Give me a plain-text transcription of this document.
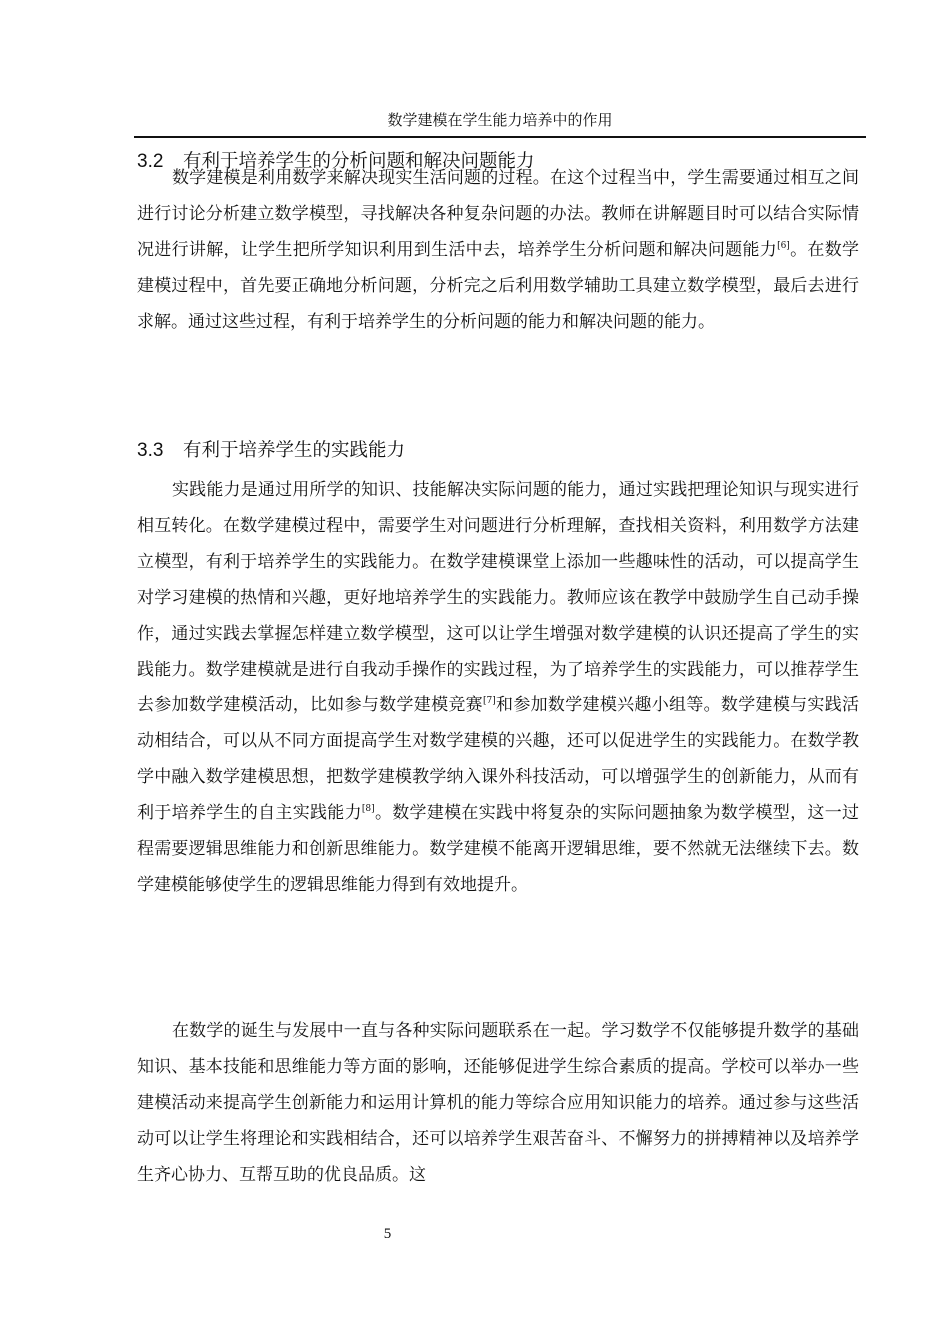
数学建模在学生能力培养中的作用
3.2 有利于培养学生的分析问题和解决问题能力

数学建模是利用数学来解决现实生活问题的过程。在这个过程当中，学生需要通过相互之间进行讨论分析建立数学模型，寻找解决各种复杂问题的办法。教师在讲解题目时可以结合实际情况进行讲解，让学生把所学知识利用到生活中去，培养学生分析问题和解决问题能力[6]。在数学建模过程中，首先要正确地分析问题，分析完之后利用数学辅助工具建立数学模型，最后去进行求解。通过这些过程，有利于培养学生的分析问题的能力和解决问题的能力。

3.3 有利于培养学生的实践能力

实践能力是通过用所学的知识、技能解决实际问题的能力，通过实践把理论知识与现实进行相互转化。在数学建模过程中，需要学生对问题进行分析理解，查找相关资料，利用数学方法建立模型，有利于培养学生的实践能力。在数学建模课堂上添加一些趣味性的活动，可以提高学生对学习建模的热情和兴趣，更好地培养学生的实践能力。教师应该在教学中鼓励学生自己动手操作，通过实践去掌握怎样建立数学模型，这可以让学生增强对数学建模的认识还提高了学生的实践能力。数学建模就是进行自我动手操作的实践过程，为了培养学生的实践能力，可以推荐学生去参加数学建模活动，比如参与数学建模竞赛[7]和参加数学建模兴趣小组等。数学建模与实践活动相结合，可以从不同方面提高学生对数学建模的兴趣，还可以促进学生的实践能力。在数学教学中融入数学建模思想，把数学建模教学纳入课外科技活动，可以增强学生的创新能力，从而有利于培养学生的自主实践能力[8]。数学建模在实践中将复杂的实际问题抽象为数学模型，这一过程需要逻辑思维能力和创新思维能力。数学建模不能离开逻辑思维，要不然就无法继续下去。数学建模能够使学生的逻辑思维能力得到有效地提升。

在数学的诞生与发展中一直与各种实际问题联系在一起。学习数学不仅能够提升数学的基础知识、基本技能和思维能力等方面的影响，还能够促进学生综合素质的提高。学校可以举办一些建模活动来提高学生创新能力和运用计算机的能力等综合应用知识能力的培养。通过参与这些活动可以让学生将理论和实践相结合，还可以培养学生艰苦奋斗、不懈努力的拼搏精神以及培养学生齐心协力、互帮互助的优良品质。这

5
